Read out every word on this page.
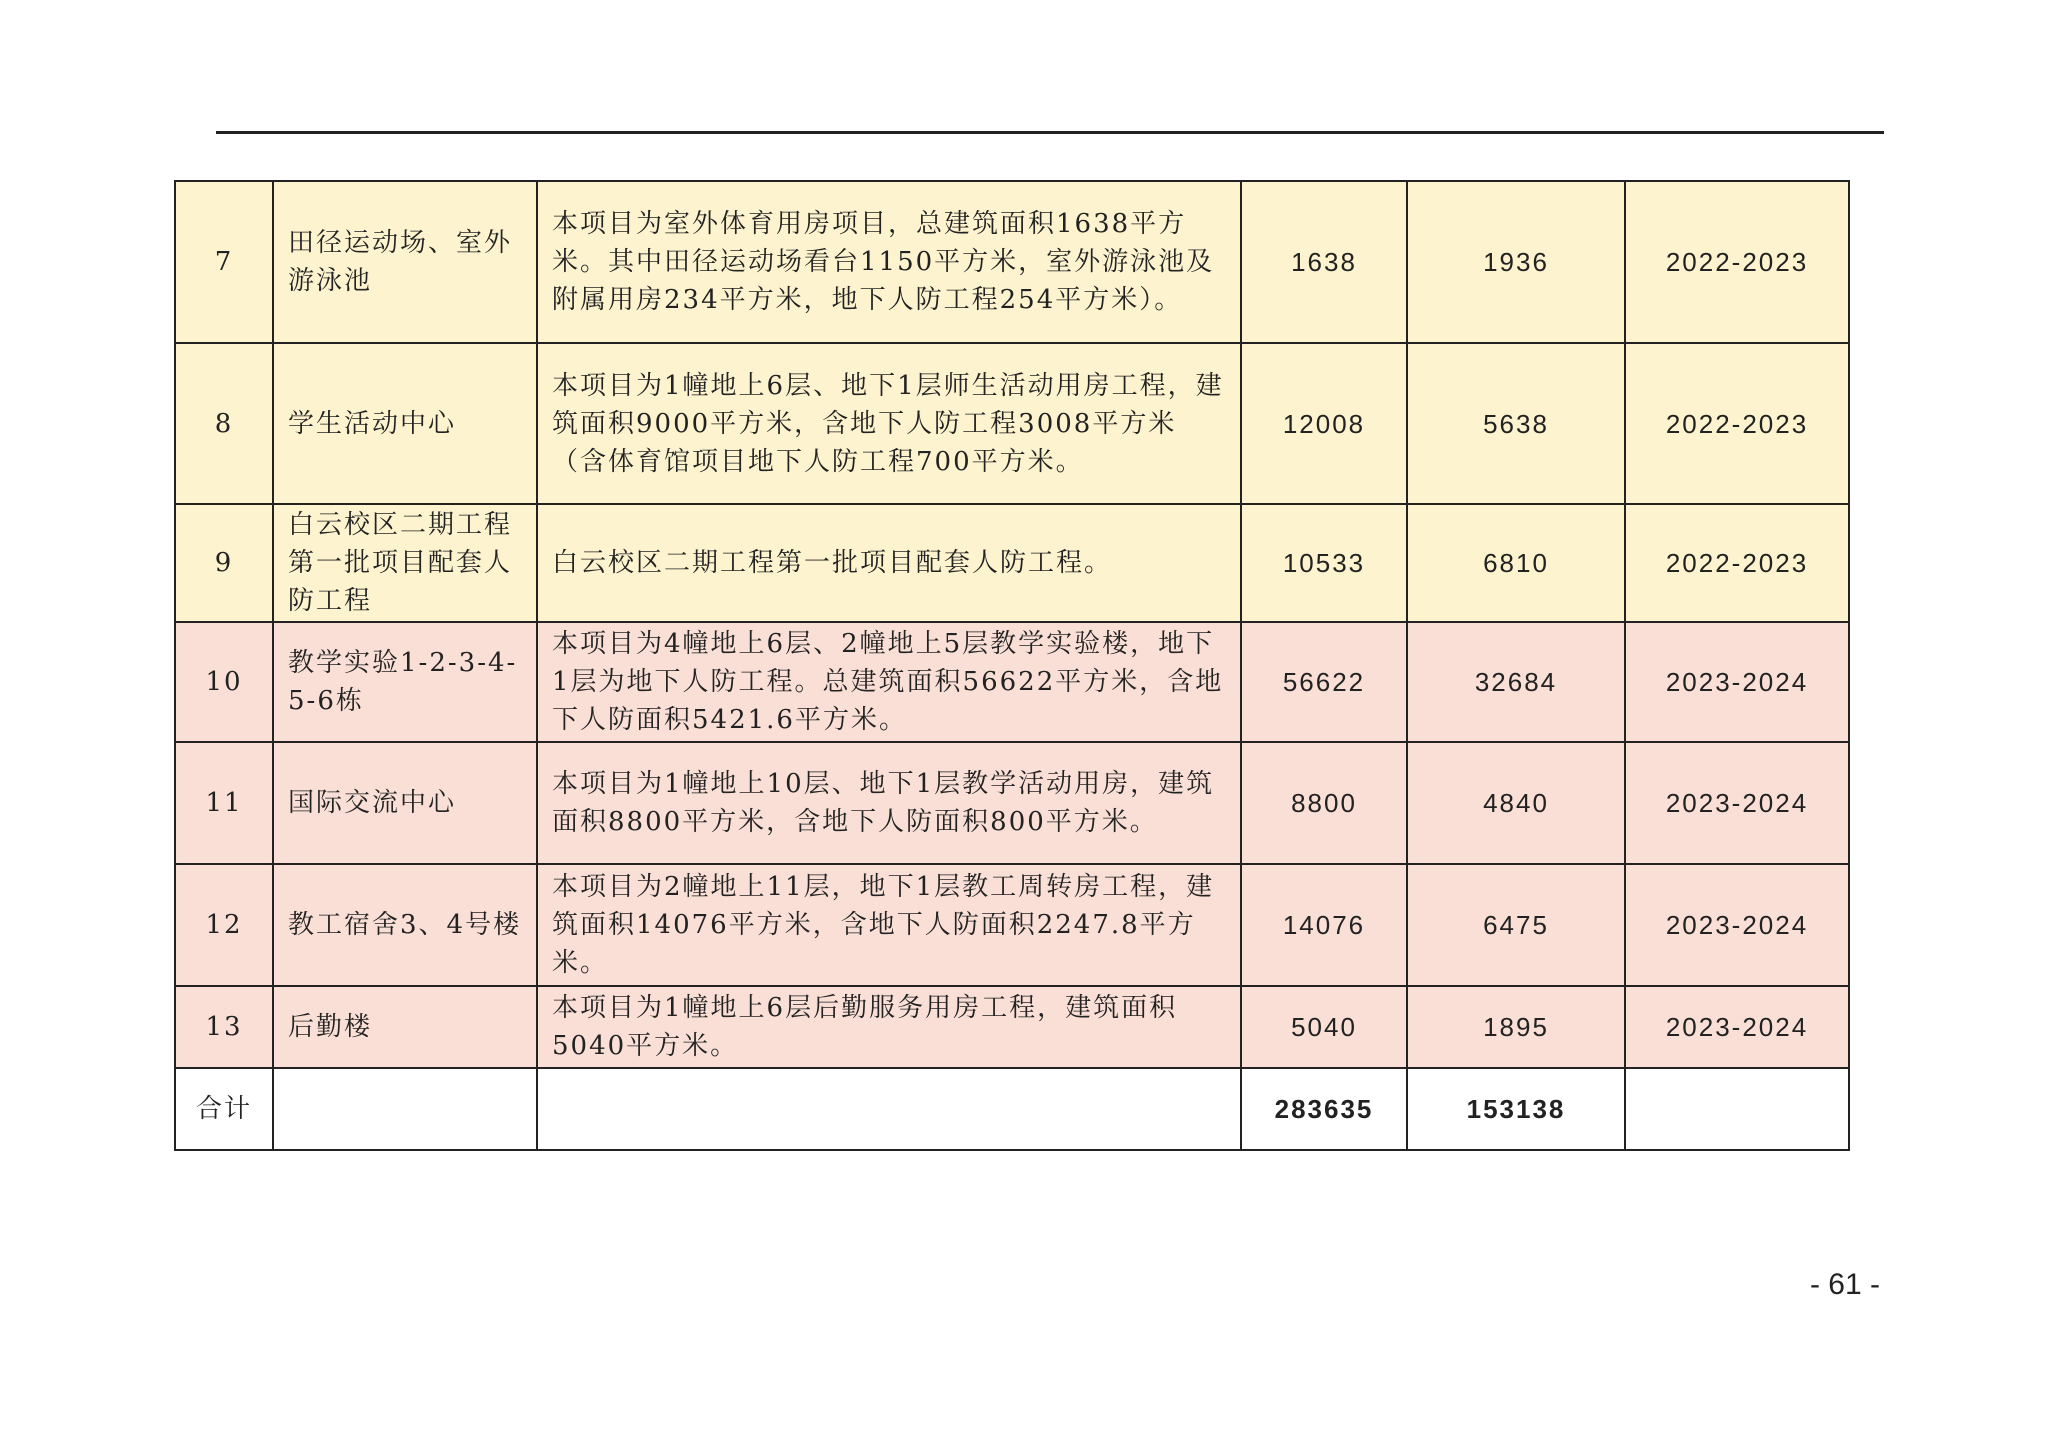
7	田径运动场、室外游泳池	本项目为室外体育用房项目，总建筑面积1638平方米。其中田径运动场看台1150平方米，室外游泳池及附属用房234平方米，地下人防工程254平方米）。	1638	1936	2022-2023
8	学生活动中心	本项目为1幢地上6层、地下1层师生活动用房工程，建筑面积9000平方米，含地下人防工程3008平方米（含体育馆项目地下人防工程700平方米。	12008	5638	2022-2023
9	白云校区二期工程第一批项目配套人防工程	白云校区二期工程第一批项目配套人防工程。	10533	6810	2022-2023
10	教学实验1-2-3-4-5-6栋	本项目为4幢地上6层、2幢地上5层教学实验楼，地下1层为地下人防工程。总建筑面积56622平方米，含地下人防面积5421.6平方米。	56622	32684	2023-2024
11	国际交流中心	本项目为1幢地上10层、地下1层教学活动用房，建筑面积8800平方米，含地下人防面积800平方米。	8800	4840	2023-2024
12	教工宿舍3、4号楼	本项目为2幢地上11层，地下1层教工周转房工程，建筑面积14076平方米，含地下人防面积2247.8平方米。	14076	6475	2023-2024
13	后勤楼	本项目为1幢地上6层后勤服务用房工程，建筑面积5040平方米。	5040	1895	2023-2024
合计			283635	153138	
- 61 -
